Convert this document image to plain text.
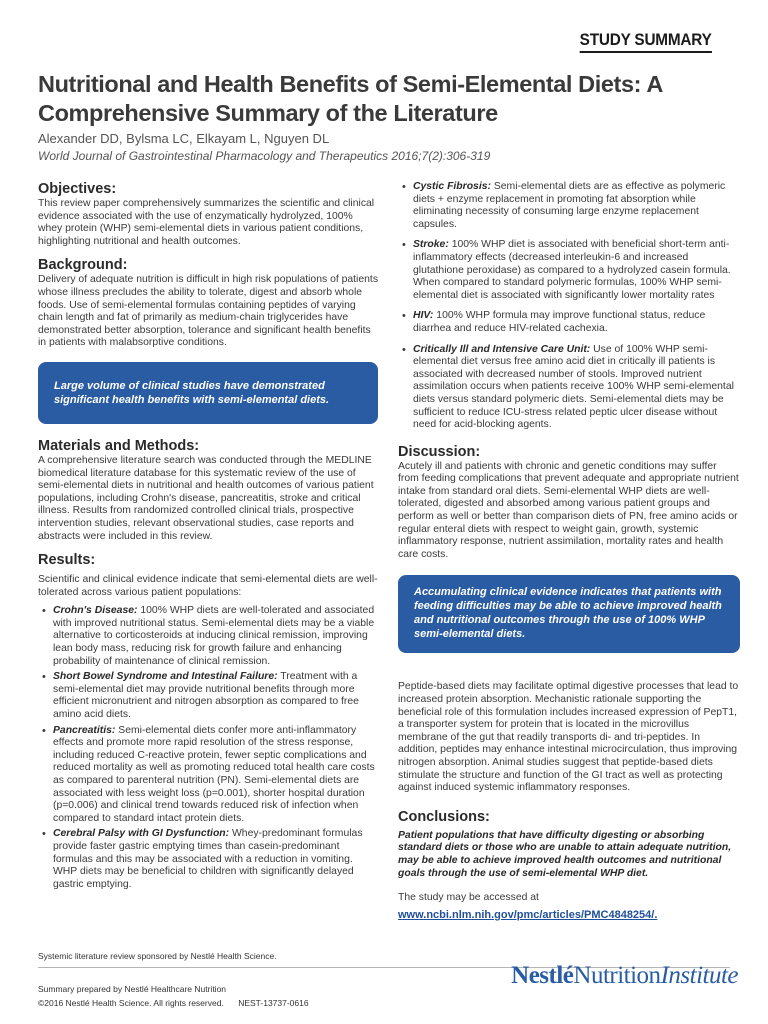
STUDY SUMMARY
Nutritional and Health Benefits of Semi-Elemental Diets: A Comprehensive Summary of the Literature
Alexander DD, Bylsma LC, Elkayam L, Nguyen DL
World Journal of Gastrointestinal Pharmacology and Therapeutics 2016;7(2):306-319
Objectives:

This review paper comprehensively summarizes the scientific and clinical evidence associated with the use of enzymatically hydrolyzed, 100% whey protein (WHP) semi-elemental diets in various patient conditions, highlighting nutritional and health outcomes.

Background:

Delivery of adequate nutrition is difficult in high risk populations of patients whose illness precludes the ability to tolerate, digest and absorb whole foods. Use of semi-elemental formulas containing peptides of varying chain length and fat of primarily as medium-chain triglycerides have demonstrated better absorption, tolerance and significant health benefits in patients with malabsorptive conditions.

Large volume of clinical studies have demonstrated significant health benefits with semi-elemental diets.
Materials and Methods:

A comprehensive literature search was conducted through the MEDLINE biomedical literature database for this systematic review of the use of semi-elemental diets in nutritional and health outcomes of various patient populations, including Crohn's disease, pancreatitis, stroke and critical illness. Results from randomized controlled clinical trials, prospective intervention studies, relevant observational studies, case reports and abstracts were included in this review.

Results:

Scientific and clinical evidence indicate that semi-elemental diets are well-tolerated across various patient populations:

• Crohn's Disease: 100% WHP diets are well-tolerated and associated with improved nutritional status. Semi-elemental diets may be a viable alternative to corticosteroids at inducing clinical remission, improving lean body mass, reducing risk for growth failure and enhancing probability of maintenance of clinical remission.
• Short Bowel Syndrome and Intestinal Failure: Treatment with a semi-elemental diet may provide nutritional benefits through more efficient micronutrient and nitrogen absorption as compared to free amino acid diets.
• Pancreatitis: Semi-elemental diets confer more anti-inflammatory effects and promote more rapid resolution of the stress response, including reduced C-reactive protein, fewer septic complications and reduced mortality as well as promoting reduced total health care costs as compared to parenteral nutrition (PN). Semi-elemental diets are associated with less weight loss (p=0.001), shorter hospital duration (p=0.006) and clinical trend towards reduced risk of infection when compared to standard intact protein diets.
• Cerebral Palsy with GI Dysfunction: Whey-predominant formulas provide faster gastric emptying times than casein-predominant formulas and this may be associated with a reduction in vomiting. WHP diets may be beneficial to children with significantly delayed gastric emptying.
• Cystic Fibrosis: Semi-elemental diets are as effective as polymeric diets + enzyme replacement in promoting fat absorption while eliminating necessity of consuming large enzyme replacement capsules.
• Stroke: 100% WHP diet is associated with beneficial short-term anti-inflammatory effects (decreased interleukin-6 and increased glutathione peroxidase) as compared to a hydrolyzed casein formula. When compared to standard polymeric formulas, 100% WHP semi-elemental diet is associated with significantly lower mortality rates
• HIV: 100% WHP formula may improve functional status, reduce diarrhea and reduce HIV-related cachexia.
• Critically Ill and Intensive Care Unit: Use of 100% WHP semi-elemental diet versus free amino acid diet in critically ill patients is associated with decreased number of stools. Improved nutrient assimilation occurs when patients receive 100% WHP semi-elemental diets versus standard polymeric diets. Semi-elemental diets may be sufficient to reduce ICU-stress related peptic ulcer disease without need for acid-blocking agents.
Discussion:

Acutely ill and patients with chronic and genetic conditions may suffer from feeding complications that prevent adequate and appropriate nutrient intake from standard oral diets. Semi-elemental WHP diets are well-tolerated, digested and absorbed among various patient groups and perform as well or better than comparison diets of PN, free amino acids or regular enteral diets with respect to weight gain, growth, systemic inflammatory response, nutrient assimilation, mortality rates and health care costs.

Accumulating clinical evidence indicates that patients with feeding difficulties may be able to achieve improved health and nutritional outcomes through the use of 100% WHP semi-elemental diets.

Peptide-based diets may facilitate optimal digestive processes that lead to increased protein absorption. Mechanistic rationale supporting the beneficial role of this formulation includes increased expression of PepT1, a transporter system for protein that is located in the microvillus membrane of the gut that readily transports di- and tri-peptides. In addition, peptides may enhance intestinal microcirculation, thus improving nitrogen absorption. Animal studies suggest that peptide-based diets stimulate the structure and function of the GI tract as well as protecting against induced systemic inflammatory responses.

Conclusions:

Patient populations that have difficulty digesting or absorbing standard diets or those who are unable to attain adequate nutrition, may be able to achieve improved health outcomes and nutritional goals through the use of semi-elemental WHP diet.

The study may be accessed at

www.ncbi.nlm.nih.gov/pmc/articles/PMC4848254/.
Systemic literature review sponsored by Nestlé Health Science.
Summary prepared by Nestlé Healthcare Nutrition
©2016 Nestlé Health Science. All rights reserved. NEST-13737-0616
NestléNutritionInstitute
